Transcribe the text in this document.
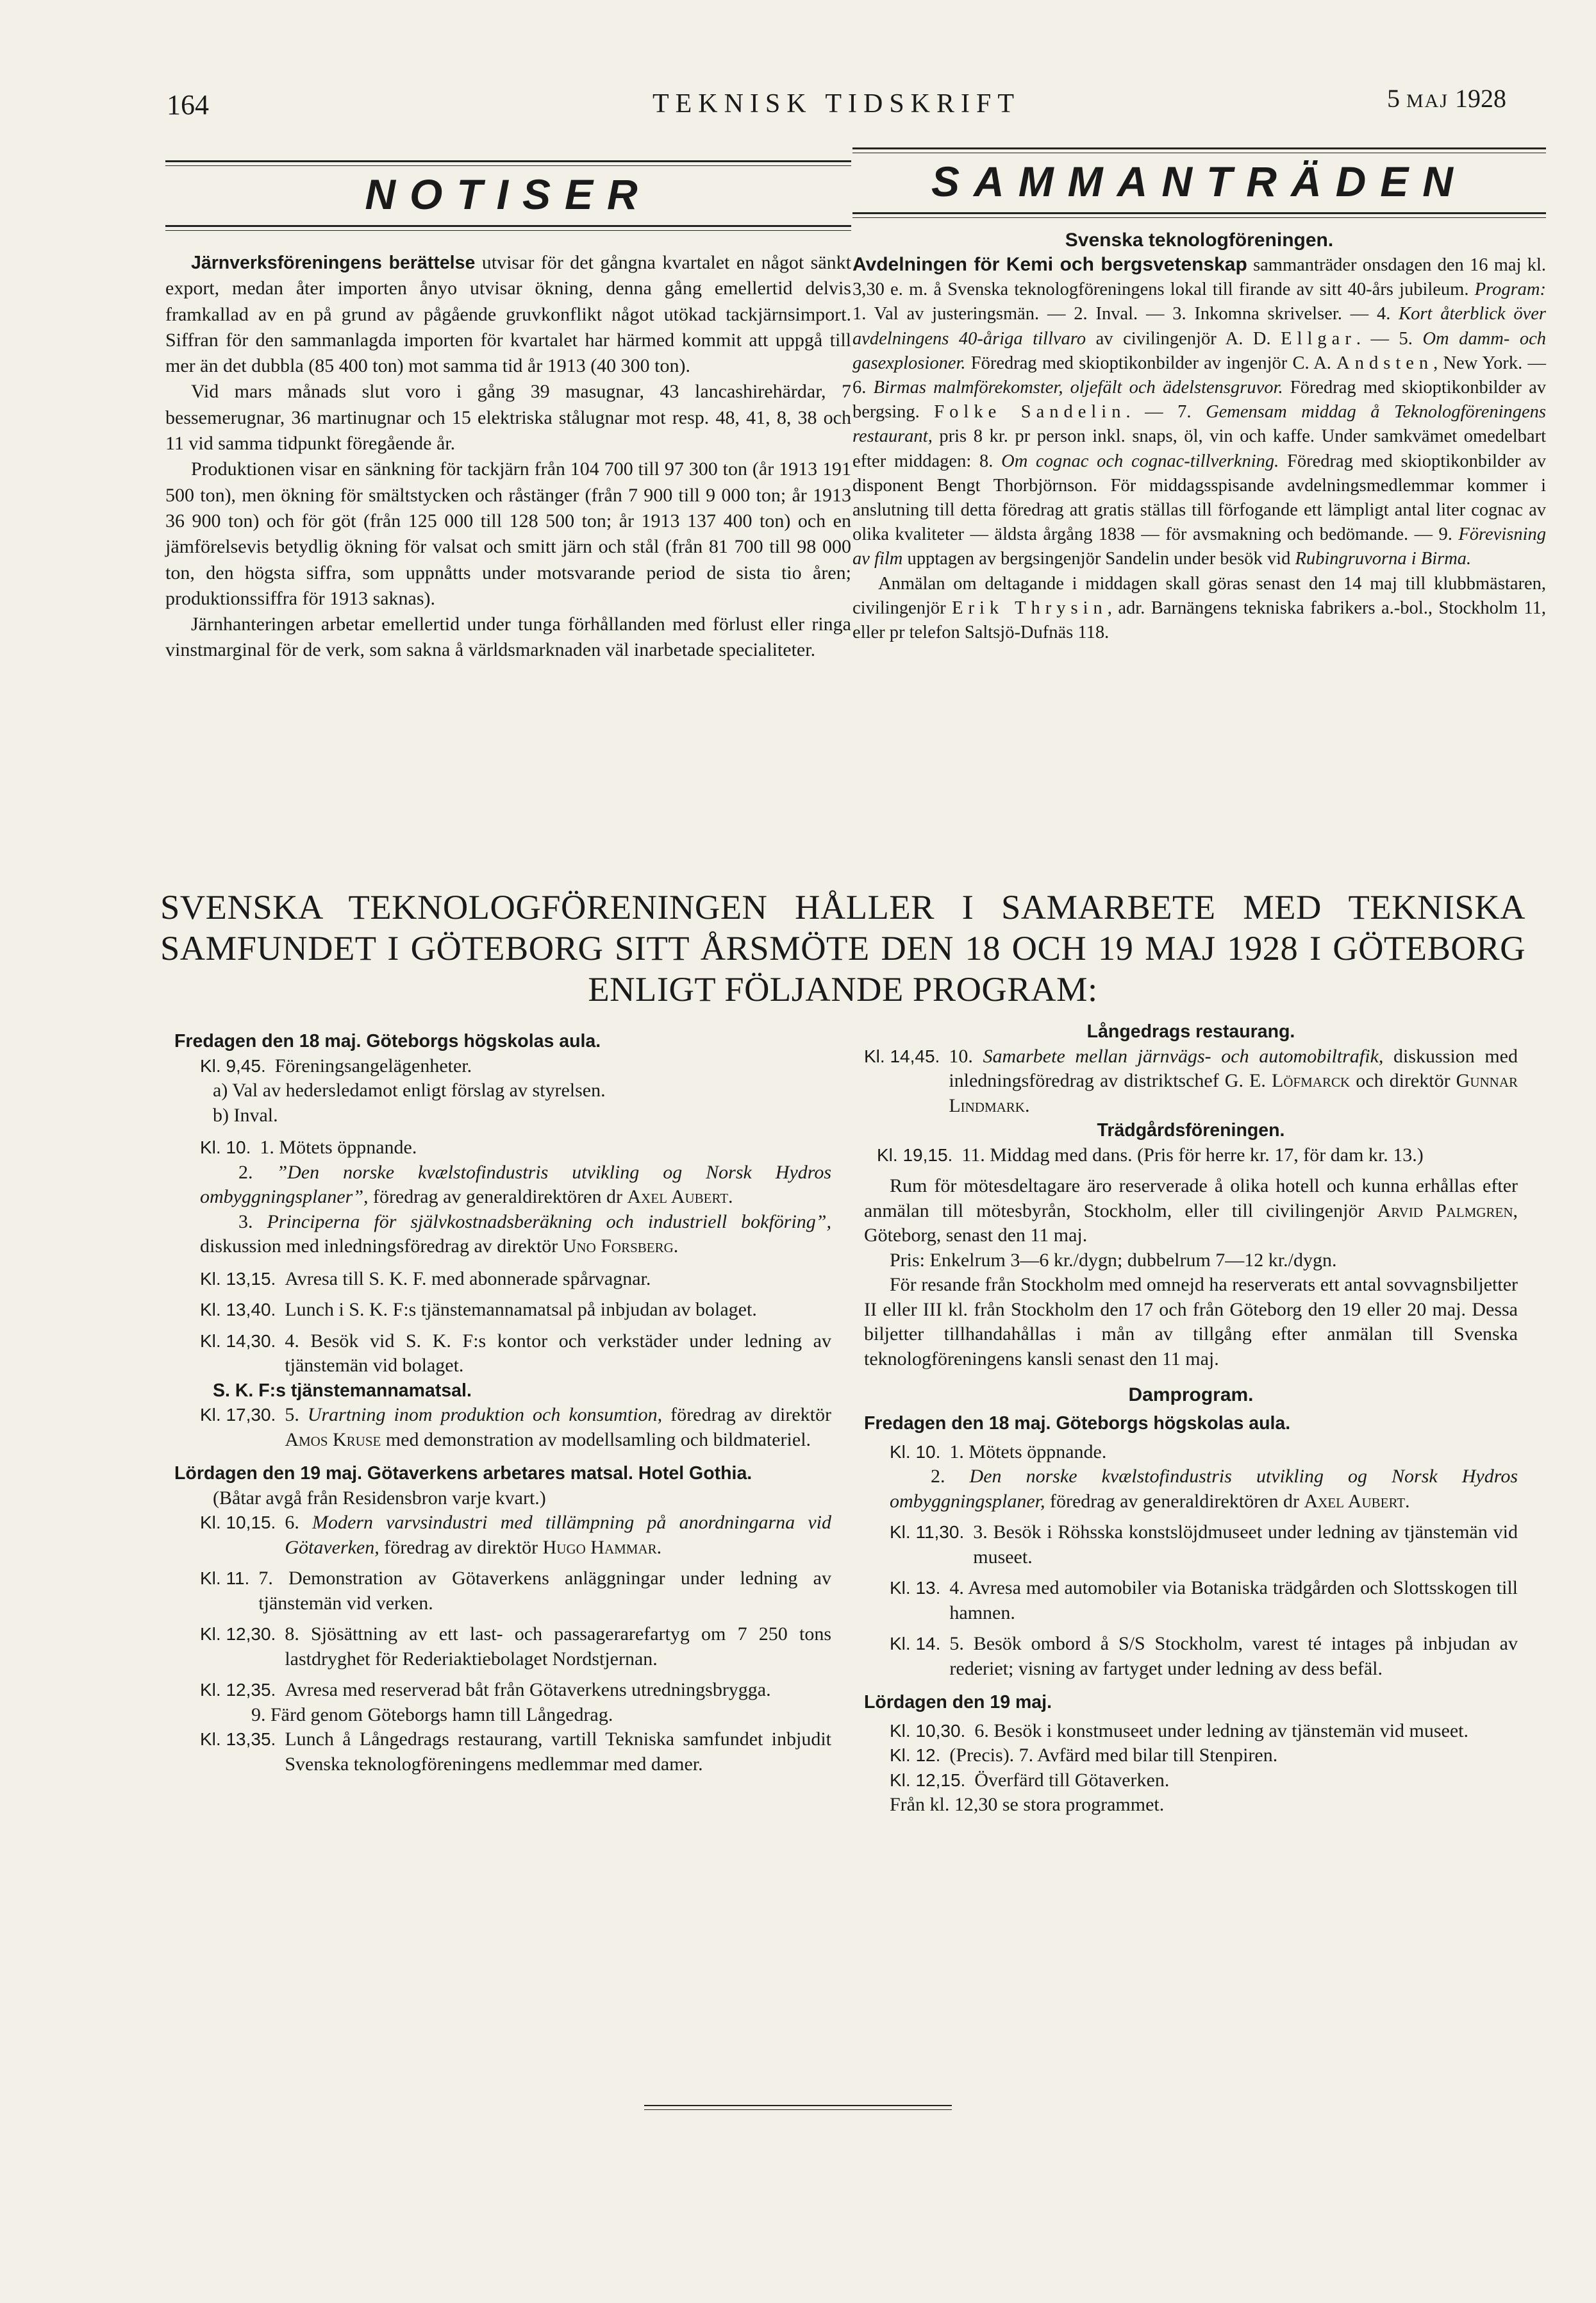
164	TEKNISK TIDSKRIFT	5 MAJ 1928
NOTISER

Järnverksföreningens berättelse utvisar för det gångna kvartalet en något sänkt export, medan åter importen ånyo utvisar ökning, denna gång emellertid delvis framkallad av en på grund av pågående gruvkonflikt något utökad tackjärnsimport. Siffran för den sammanlagda importen för kvartalet har härmed kommit att uppgå till mer än det dubbla (85 400 ton) mot samma tid år 1913 (40 300 ton).

Vid mars månads slut voro i gång 39 masugnar, 43 lancashirehärdar, 7 bessemerugnar, 36 martinugnar och 15 elektriska stålugnar mot resp. 48, 41, 8, 38 och 11 vid samma tidpunkt föregående år.

Produktionen visar en sänkning för tackjärn från 104 700 till 97 300 ton (år 1913 191 500 ton), men ökning för smältstycken och råstänger (från 7 900 till 9 000 ton; år 1913 36 900 ton) och för göt (från 125 000 till 128 500 ton; år 1913 137 400 ton) och en jämförelsevis betydlig ökning för valsat och smitt järn och stål (från 81 700 till 98 000 ton, den högsta siffra, som uppnåtts under motsvarande period de sista tio åren; produktionssiffra för 1913 saknas).

Järnhanteringen arbetar emellertid under tunga förhållanden med förlust eller ringa vinstmarginal för de verk, som sakna å världsmarknaden väl inarbetade specialiteter.

SAMMANTRÄDEN
Svenska teknologföreningen.

Avdelningen för Kemi och bergsvetenskap sammanträder onsdagen den 16 maj kl. 3,30 e. m. å Svenska teknologföreningens lokal till firande av sitt 40-års jubileum. Program: 1. Val av justeringsmän. — 2. Inval. — 3. Inkomna skrivelser. — 4. Kort återblick över avdelningens 40-åriga tillvaro av civilingenjör A. D. Ellgar. — 5. Om damm- och gasexplosioner. Föredrag med skioptikonbilder av ingenjör C. A. Andsten, New York. — 6. Birmas malmförekomster, oljefält och ädelstensgruvor. Föredrag med skioptikonbilder av bergsing. Folke Sandelin. — 7. Gemensam middag å Teknologföreningens restaurant, pris 8 kr. pr person inkl. snaps, öl, vin och kaffe. Under samkvämet omedelbart efter middagen: 8. Om cognac och cognac-tillverkning. Föredrag med skioptikonbilder av disponent Bengt Thorbjörnson. För middagsspisande avdelningsmedlemmar kommer i anslutning till detta föredrag att gratis ställas till förfogande ett lämpligt antal liter cognac av olika kvaliteter — äldsta årgång 1838 — för avsmakning och bedömande. — 9. Förevisning av film upptagen av bergsingenjör Sandelin under besök vid Rubingruvorna i Birma.

Anmälan om deltagande i middagen skall göras senast den 14 maj till klubbmästaren, civilingenjör Erik Thrysin, adr. Barnängens tekniska fabrikers a.-bol., Stockholm 11, eller pr telefon Saltsjö-Dufnäs 118.

SVENSKA TEKNOLOGFÖRENINGEN HÅLLER I SAMARBETE MED TEKNISKA SAMFUNDET I GÖTEBORG SITT ÅRSMÖTE DEN 18 OCH 19 MAJ 1928 I GÖTEBORG ENLIGT FÖLJANDE PROGRAM:

Fredagen den 18 maj. Göteborgs högskolas aula.

Kl. 9,45. Föreningsangelägenheter.

a) Val av hedersledamot enligt förslag av styrelsen.

b) Inval.

Kl. 10. 1. Mötets öppnande.

2. ”Den norske kvælstofindustris utvikling og Norsk Hydros ombyggningsplaner”, föredrag av generaldirektören dr Axel Aubert.

3. Principerna för självkostnadsberäkning och industriell bokföring”, diskussion med inledningsföredrag av direktör Uno Forsberg.

Kl. 13,15. Avresa till S. K. F. med abonnerade spårvagnar.
Kl. 13,40. Lunch i S. K. F:s tjänstemannamatsal på inbjudan av bolaget.
Kl. 14,30. 4. Besök vid S. K. F:s kontor och verkstäder under ledning av tjänstemän vid bolaget.

S. K. F:s tjänstemannamatsal.

Kl. 17,30. 5. Urartning inom produktion och konsumtion, föredrag av direktör Amos Kruse med demonstration av modellsamling och bildmateriel.

Lördagen den 19 maj. Götaverkens arbetares matsal. Hotel Gothia.

(Båtar avgå från Residensbron varje kvart.)

Kl. 10,15. 6. Modern varvsindustri med tillämpning på anordningarna vid Götaverken, föredrag av direktör Hugo Hammar.
Kl. 11. 7. Demonstration av Götaverkens anläggningar under ledning av tjänstemän vid verken.
Kl. 12,30. 8. Sjösättning av ett last- och passagerarefartyg om 7 250 tons lastdryghet för Rederiaktiebolaget Nordstjernan.
Kl. 12,35. Avresa med reserverad båt från Götaverkens utredningsbrygga.

9. Färd genom Göteborgs hamn till Långedrag.

Kl. 13,35. Lunch å Långedrags restaurang, vartill Tekniska samfundet inbjudit Svenska teknologföreningens medlemmar med damer.

Långedrags restaurang.

Kl. 14,45. 10. Samarbete mellan järnvägs- och automobiltrafik, diskussion med inledningsföredrag av distriktschef G. E. Löfmarck och direktör Gunnar Lindmark.

Trädgårdsföreningen.

Kl. 19,15. 11. Middag med dans. (Pris för herre kr. 17, för dam kr. 13.)

Rum för mötesdeltagare äro reserverade å olika hotell och kunna erhållas efter anmälan till mötesbyrån, Stockholm, eller till civilingenjör Arvid Palmgren, Göteborg, senast den 11 maj.

Pris: Enkelrum 3—6 kr./dygn; dubbelrum 7—12 kr./dygn.

För resande från Stockholm med omnejd ha reserverats ett antal sovvagnsbiljetter II eller III kl. från Stockholm den 17 och från Göteborg den 19 eller 20 maj. Dessa biljetter tillhandahållas i mån av tillgång efter anmälan till Svenska teknologföreningens kansli senast den 11 maj.

Damprogram.

Fredagen den 18 maj. Göteborgs högskolas aula.

Kl. 10. 1. Mötets öppnande.

2. Den norske kvælstofindustris utvikling og Norsk Hydros ombyggningsplaner, föredrag av generaldirektören dr Axel Aubert.

Kl. 11,30. 3. Besök i Röhsska konstslöjdmuseet under ledning av tjänstemän vid museet.
Kl. 13. 4. Avresa med automobiler via Botaniska trädgården och Slottsskogen till hamnen.
Kl. 14. 5. Besök ombord å S/S Stockholm, varest té intages på inbjudan av rederiet; visning av fartyget under ledning av dess befäl.

Lördagen den 19 maj.

Kl. 10,30. 6. Besök i konstmuseet under ledning av tjänstemän vid museet.
Kl. 12. (Precis). 7. Avfärd med bilar till Stenpiren.
Kl. 12,15. Överfärd till Götaverken.

Från kl. 12,30 se stora programmet.
